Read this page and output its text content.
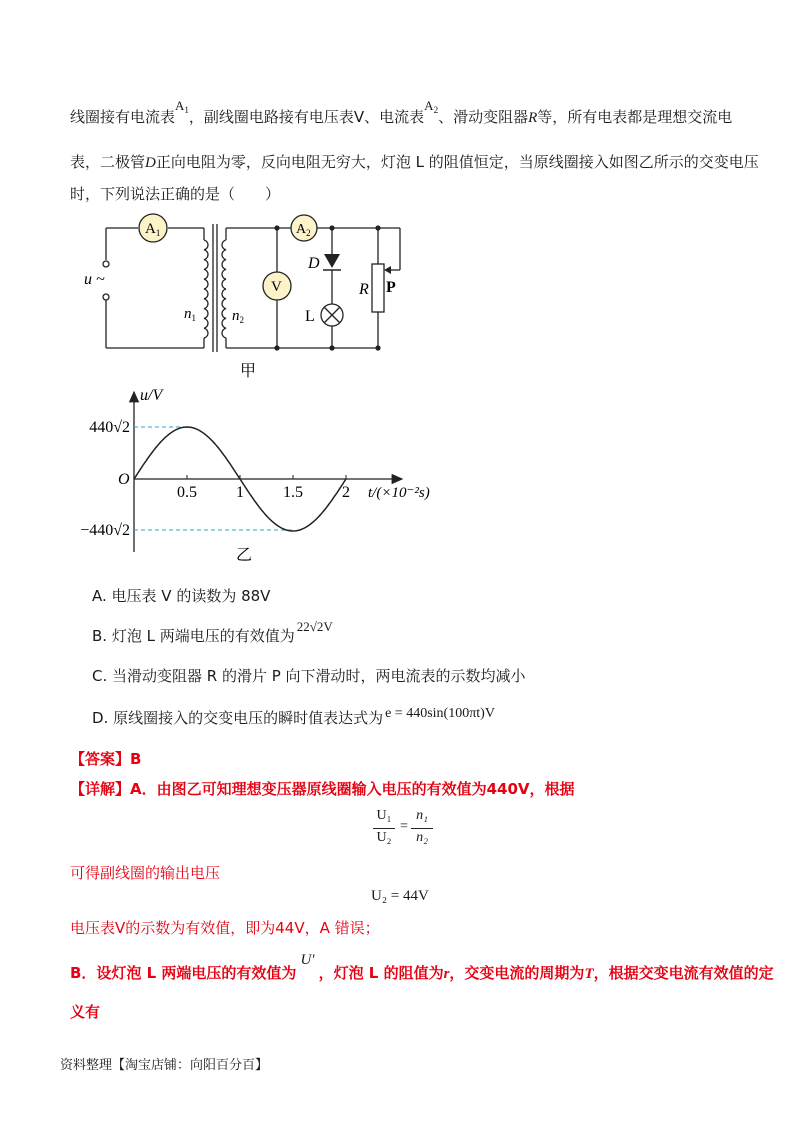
线圈接有电流表$A_1$，副线圈电路接有电压表V、电流表$A_2$、滑动变阻器R等，所有电表都是理想交流电
表，二极管D正向电阻为零，反向电阻无穷大，灯泡 L 的阻值恒定，当原线圈接入如图乙所示的交变电压
时，下列说法正确的是（　　）
$A_1$	$A_2$
V
u ~
$n_1$ $n_2$
D
L
R P
甲
0.5 1 1.5 2
u/V
O
440√2
−440√2
t/(×10⁻²s)
乙
A. 电压表 V 的读数为 88V
B. 灯泡 L 两端电压的有效值为22√2V
C. 当滑动变阻器 R 的滑片 P 向下滑动时，两电流表的示数均减小
D. 原线圈接入的交变电压的瞬时值表达式为 e = 440sin(100πt)V
【答案】B
【详解】A．由图乙可知理想变压器原线圈输入电压的有效值为440V，根据
U₁
U₂
=
n₁
n₂
可得副线圈的输出电压
U₂ = 44V
电压表V的示数为有效值，即为44V，A 错误；
B．设灯泡 L 两端电压的有效值为U′，灯泡 L 的阻值为r，交变电流的周期为T，根据交变电流有效值的定
义有
资料整理【淘宝店铺：向阳百分百】
